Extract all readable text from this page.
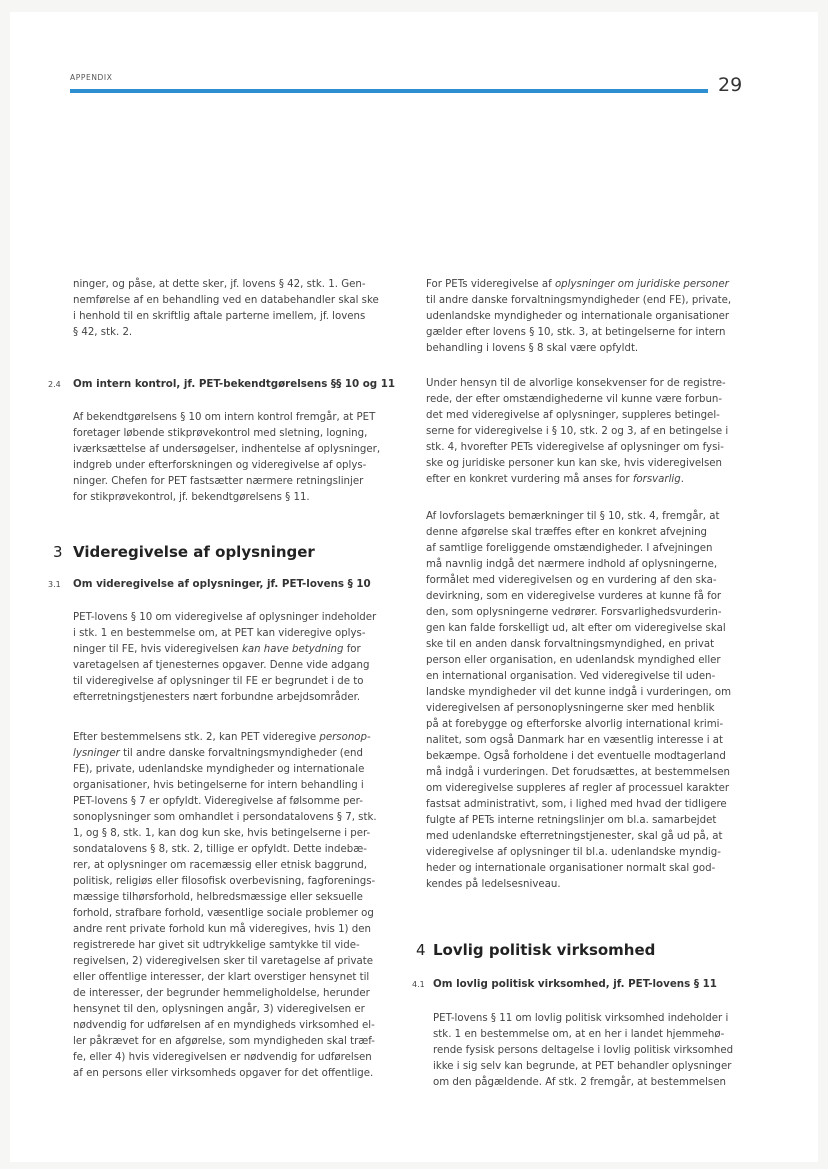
APPENDIX	29

ninger, og påse, at dette sker, jf. lovens § 42, stk. 1. Gen-

nemførelse af en behandling ved en databehandler skal ske

i henhold til en skriftlig aftale parterne imellem, jf. lovens

§ 42, stk. 2.

2.4 Om intern kontrol, jf. PET-bekendtgørelsens §§ 10 og 11

Af bekendtgørelsens § 10 om intern kontrol fremgår, at PET

foretager løbende stikprøvekontrol med sletning, logning,

iværksættelse af undersøgelser, indhentelse af oplysninger,

indgreb under efterforskningen og videregivelse af oplys-

ninger. Chefen for PET fastsætter nærmere retningslinjer

for stikprøvekontrol, jf. bekendtgørelsens § 11.

3 Videregivelse af oplysninger
3.1 Om videregivelse af oplysninger, jf. PET-lovens § 10

PET-lovens § 10 om videregivelse af oplysninger indeholder

i stk. 1 en bestemmelse om, at PET kan videregive oplys-

ninger til FE, hvis videregivelsen kan have betydning for

varetagelsen af tjenesternes opgaver. Denne vide adgang

til videregivelse af oplysninger til FE er begrundet i de to

efterretningstjenesters nært forbundne arbejdsområder.

Efter bestemmelsens stk. 2, kan PET videregive personop-

lysninger til andre danske forvaltningsmyndigheder (end

FE), private, udenlandske myndigheder og internationale

organisationer, hvis betingelserne for intern behandling i

PET-lovens § 7 er opfyldt. Videregivelse af følsomme per-

sonoplysninger som omhandlet i persondatalovens § 7, stk.

1, og § 8, stk. 1, kan dog kun ske, hvis betingelserne i per-

sondatalovens § 8, stk. 2, tillige er opfyldt. Dette indebæ-

rer, at oplysninger om racemæssig eller etnisk baggrund,

politisk, religiøs eller filosofisk overbevisning, fagforenings-

mæssige tilhørsforhold, helbredsmæssige eller seksuelle

forhold, strafbare forhold, væsentlige sociale problemer og

andre rent private forhold kun må videregives, hvis 1) den

registrerede har givet sit udtrykkelige samtykke til vide-

regivelsen, 2) videregivelsen sker til varetagelse af private

eller offentlige interesser, der klart overstiger hensynet til

de interesser, der begrunder hemmeligholdelse, herunder

hensynet til den, oplysningen angår, 3) videregivelsen er

nødvendig for udførelsen af en myndigheds virksomhed el-

ler påkrævet for en afgørelse, som myndigheden skal træf-

fe, eller 4) hvis videregivelsen er nødvendig for udførelsen

af en persons eller virksomheds opgaver for det offentlige.

For PETs videregivelse af oplysninger om juridiske personer

til andre danske forvaltningsmyndigheder (end FE), private,

udenlandske myndigheder og internationale organisationer

gælder efter lovens § 10, stk. 3, at betingelserne for intern

behandling i lovens § 8 skal være opfyldt.

Under hensyn til de alvorlige konsekvenser for de registre-

rede, der efter omstændighederne vil kunne være forbun-

det med videregivelse af oplysninger, suppleres betingel-

serne for videregivelse i § 10, stk. 2 og 3, af en betingelse i

stk. 4, hvorefter PETs videregivelse af oplysninger om fysi-

ske og juridiske personer kun kan ske, hvis videregivelsen

efter en konkret vurdering må anses for forsvarlig.

Af lovforslagets bemærkninger til § 10, stk. 4, fremgår, at

denne afgørelse skal træffes efter en konkret afvejning

af samtlige foreliggende omstændigheder. I afvejningen

må navnlig indgå det nærmere indhold af oplysningerne,

formålet med videregivelsen og en vurdering af den ska-

devirkning, som en videregivelse vurderes at kunne få for

den, som oplysningerne vedrører. Forsvarlighedsvurderin-

gen kan falde forskelligt ud, alt efter om videregivelse skal

ske til en anden dansk forvaltningsmyndighed, en privat

person eller organisation, en udenlandsk myndighed eller

en international organisation. Ved videregivelse til uden-

landske myndigheder vil det kunne indgå i vurderingen, om

videregivelsen af personoplysningerne sker med henblik

på at forebygge og efterforske alvorlig international krimi-

nalitet, som også Danmark har en væsentlig interesse i at

bekæmpe. Også forholdene i det eventuelle modtagerland

må indgå i vurderingen. Det forudsættes, at bestemmelsen

om videregivelse suppleres af regler af processuel karakter

fastsat administrativt, som, i lighed med hvad der tidligere

fulgte af PETs interne retningslinjer om bl.a. samarbejdet

med udenlandske efterretningstjenester, skal gå ud på, at

videregivelse af oplysninger til bl.a. udenlandske myndig-

heder og internationale organisationer normalt skal god-

kendes på ledelsesniveau.

4 Lovlig politisk virksomhed
4.1 Om lovlig politisk virksomhed, jf. PET-lovens § 11

PET-lovens § 11 om lovlig politisk virksomhed indeholder i

stk. 1 en bestemmelse om, at en her i landet hjemmehø-

rende fysisk persons deltagelse i lovlig politisk virksomhed

ikke i sig selv kan begrunde, at PET behandler oplysninger

om den pågældende. Af stk. 2 fremgår, at bestemmelsen
